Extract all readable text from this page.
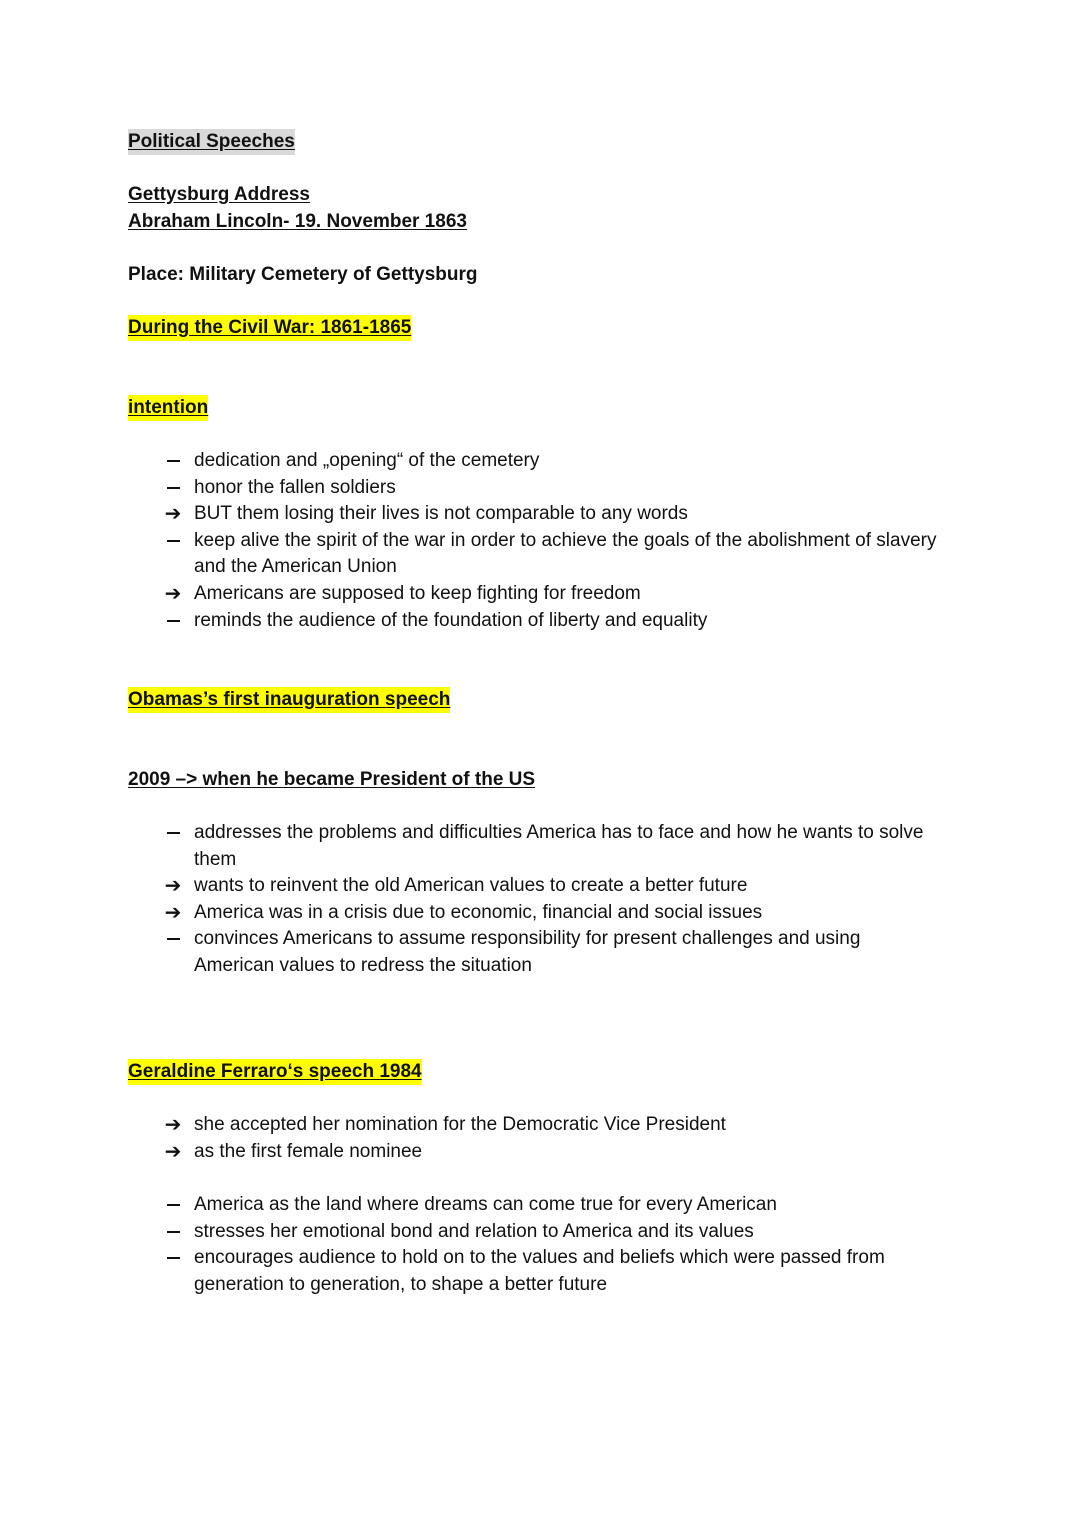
Political Speeches
Gettysburg Address
Abraham Lincoln- 19. November 1863
Place: Military Cemetery of Gettysburg
During the Civil War: 1861-1865
intention
dedication and „opening“ of the cemetery
honor the fallen soldiers
➔ BUT them losing their lives is not comparable to any words
keep alive the spirit of the war in order to achieve the goals of the abolishment of slavery and the American Union
➔ Americans are supposed to keep fighting for freedom
reminds the audience of the foundation of liberty and equality
Obamas’s first inauguration speech
2009 –> when he became President of the US
addresses the problems and difficulties America has to face and how he wants to solve them
➔ wants to reinvent the old American values to create a better future
➔ America was in a crisis due to economic, financial and social issues
convinces Americans to assume responsibility for present challenges and using American values to redress the situation
Geraldine Ferraro‘s speech 1984
➔ she accepted her nomination for the Democratic Vice President
➔ as the first female nominee
America as the land where dreams can come true for every American
stresses her emotional bond and relation to America and its values
encourages audience to hold on to the values and beliefs which were passed from generation to generation, to shape a better future
